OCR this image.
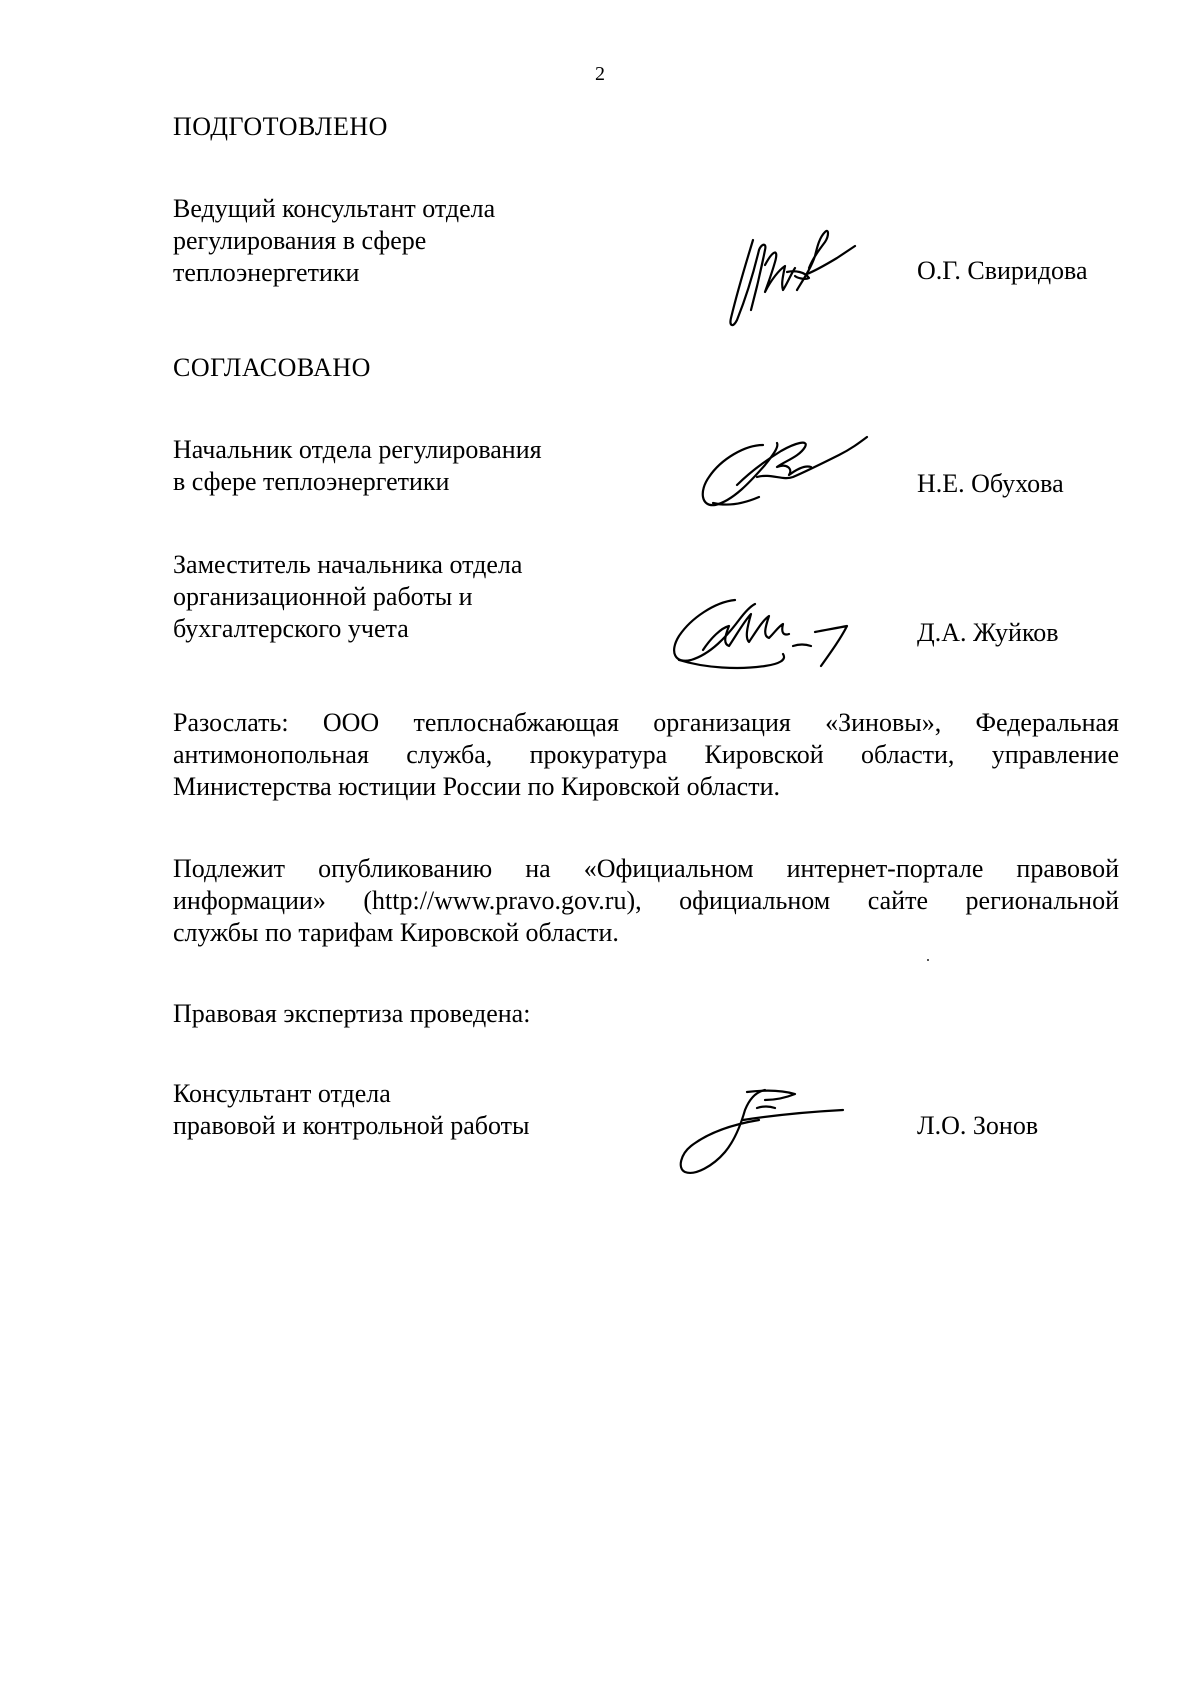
2
ПОДГОТОВЛЕНО
Ведущий консультант отдела
регулирования в сфере
теплоэнергетики	О.Г. Свиридова
СОГЛАСОВАНО
Начальник отдела регулирования
в сфере теплоэнергетики	Н.Е. Обухова
Заместитель начальника отдела
организационной работы и
бухгалтерского учета	Д.А. Жуйков
Разослать: ООО теплоснабжающая организация «Зиновы», Федеральная
антимонопольная служба, прокуратура Кировской области, управление
Министерства юстиции России по Кировской области.
Подлежит опубликованию на «Официальном интернет-портале правовой
информации» (http://www.pravo.gov.ru), официальном сайте региональной
службы по тарифам Кировской области.
Правовая экспертиза проведена:
Консультант отдела
правовой и контрольной работы	Л.О. Зонов
